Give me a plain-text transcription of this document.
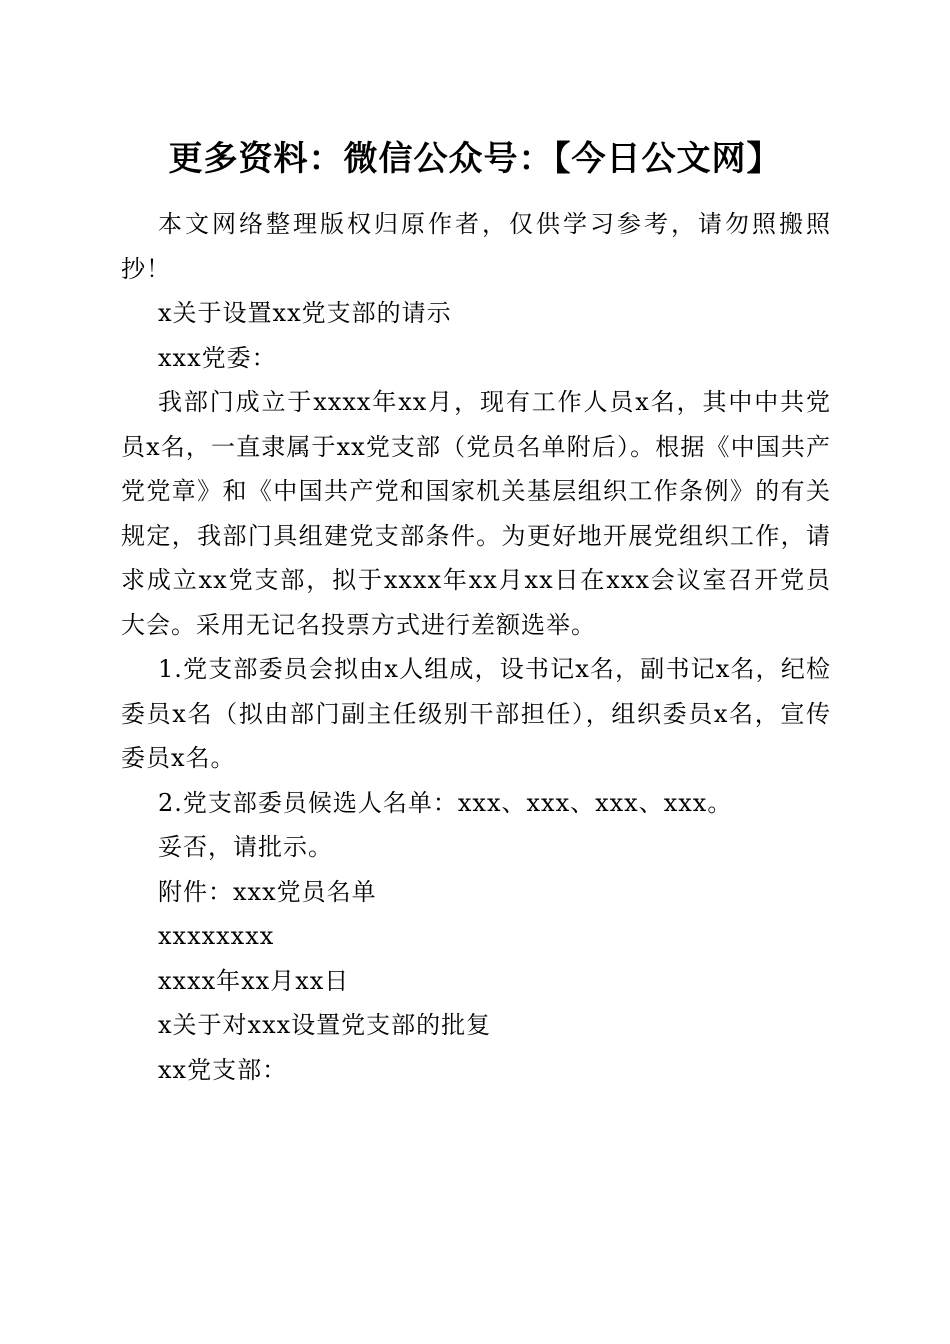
更多资料：微信公众号：【今日公文网】

本文网络整理版权归原作者，仅供学习参考，请勿照搬照抄！

x关于设置xx党支部的请示

xxx党委：

我部门成立于xxxx年xx月，现有工作人员x名，其中中共党员x名，一直隶属于xx党支部（党员名单附后）。根据《中国共产党党章》和《中国共产党和国家机关基层组织工作条例》的有关规定，我部门具组建党支部条件。为更好地开展党组织工作，请求成立xx党支部，拟于xxxx年xx月xx日在xxx会议室召开党员大会。采用无记名投票方式进行差额选举。

1.党支部委员会拟由x人组成，设书记x名，副书记x名，纪检委员x名（拟由部门副主任级别干部担任），组织委员x名，宣传委员x名。

2.党支部委员候选人名单：xxx、xxx、xxx、xxx。

妥否，请批示。

附件：xxx党员名单

xxxxxxxx

xxxx年xx月xx日

x关于对xxx设置党支部的批复

xx党支部：
